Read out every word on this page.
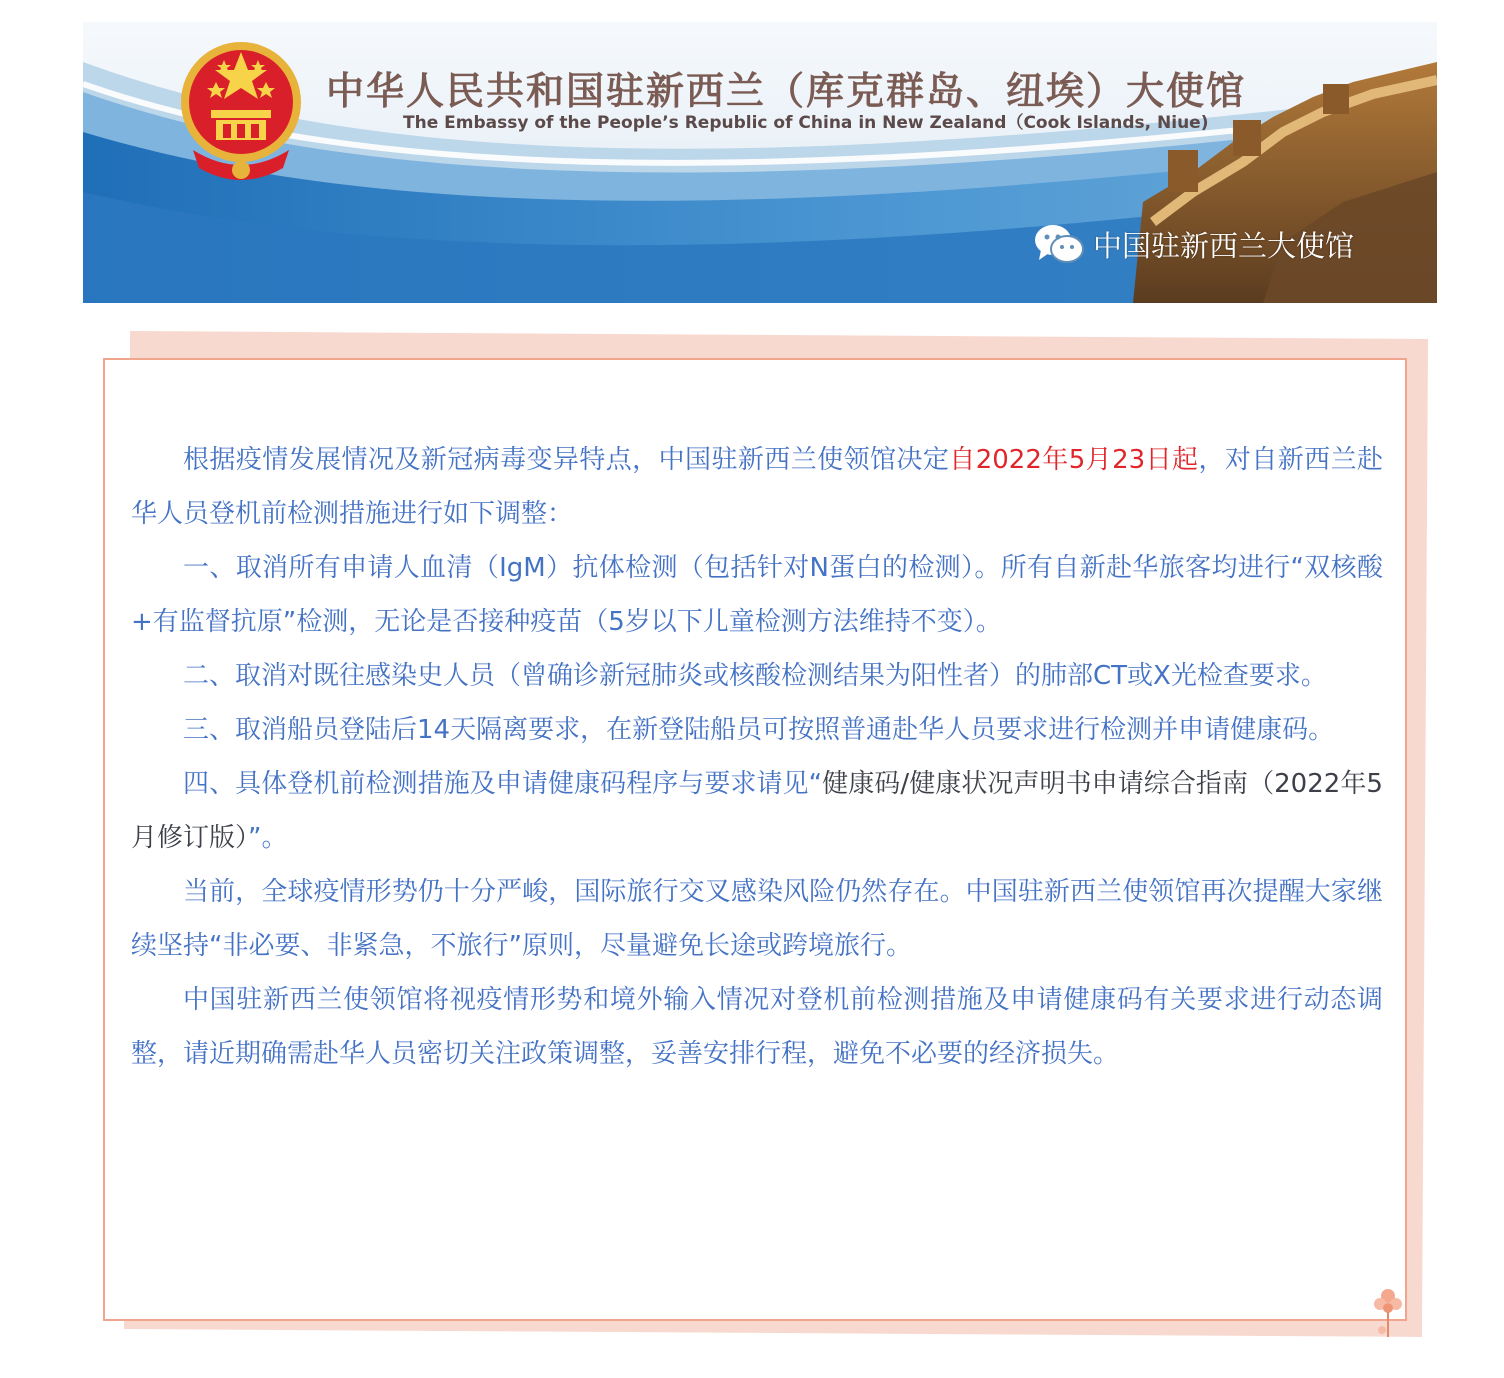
中华人民共和国驻新西兰（库克群岛、纽埃）大使馆
The Embassy of the People’s Republic of China in New Zealand（Cook Islands, Niue)
中国驻新西兰大使馆

根据疫情发展情况及新冠病毒变异特点，中国驻新西兰使领馆决定自2022年5月23日起，对自新西兰赴华人员登机前检测措施进行如下调整：

一、取消所有申请人血清（IgM）抗体检测（包括针对N蛋白的检测）。所有自新赴华旅客均进行“双核酸+有监督抗原”检测，无论是否接种疫苗（5岁以下儿童检测方法维持不变）。

二、取消对既往感染史人员（曾确诊新冠肺炎或核酸检测结果为阳性者）的肺部CT或X光检查要求。

三、取消船员登陆后14天隔离要求，在新登陆船员可按照普通赴华人员要求进行检测并申请健康码。

四、具体登机前检测措施及申请健康码程序与要求请见“健康码/健康状况声明书申请综合指南（2022年5月修订版）”。

当前，全球疫情形势仍十分严峻，国际旅行交叉感染风险仍然存在。中国驻新西兰使领馆再次提醒大家继续坚持“非必要、非紧急，不旅行”原则，尽量避免长途或跨境旅行。

中国驻新西兰使领馆将视疫情形势和境外输入情况对登机前检测措施及申请健康码有关要求进行动态调整，请近期确需赴华人员密切关注政策调整，妥善安排行程，避免不必要的经济损失。
